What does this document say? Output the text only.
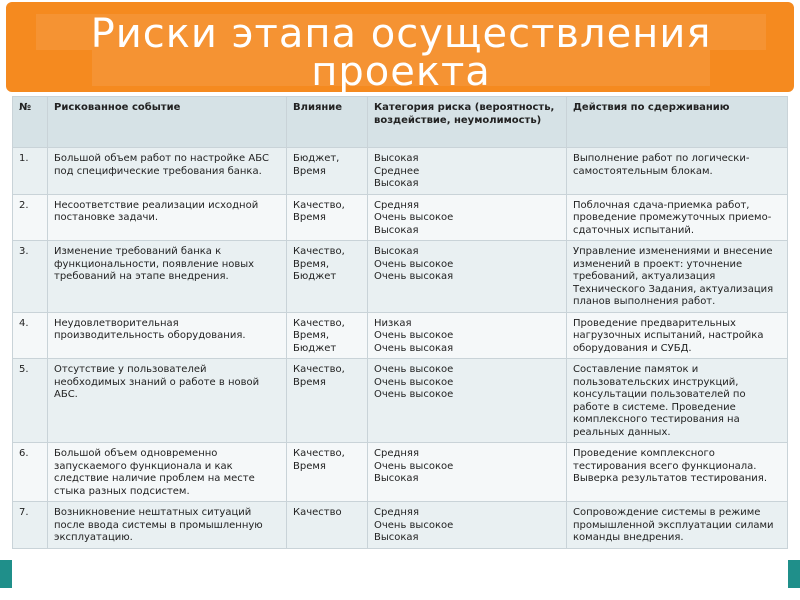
Риски этапа осуществления
проекта
№	Рискованное событие	Влияние	Категория риска (вероятность, воздействие, неумолимость)	Действия по сдерживанию
1.	Большой объем работ по настройке АБС под специфические требования банка.	Бюджет, Время	Высокая
Среднее
Высокая	Выполнение работ по логически-самостоятельным блокам.
2.	Несоответствие реализации исходной постановке задачи.	Качество, Время	Средняя
Очень высокое
Высокая	Поблочная сдача-приемка работ, проведение промежуточных приемо-сдаточных испытаний.
3.	Изменение требований банка к функциональности, появление новых требований на этапе внедрения.	Качество, Время, Бюджет	Высокая
Очень высокое
Очень высокая	Управление изменениями и внесение изменений в проект: уточнение требований, актуализация Технического Задания, актуализация планов выполнения работ.
4.	Неудовлетворительная производительность оборудования.	Качество, Время, Бюджет	Низкая
Очень высокое
Очень высокая	Проведение предварительных нагрузочных испытаний, настройка оборудования и СУБД.
5.	Отсутствие у пользователей необходимых знаний о работе в новой АБС.	Качество, Время	Очень высокое
Очень высокое
Очень высокое	Составление памяток и пользовательских инструкций, консультации пользователей по работе в системе. Проведение комплексного тестирования на реальных данных.
6.	Большой объем одновременно запускаемого функционала и как следствие наличие проблем на месте стыка разных подсистем.	Качество, Время	Средняя
Очень высокое
Высокая	Проведение комплексного тестирования всего функционала. Выверка результатов тестирования.
7.	Возникновение нештатных ситуаций после ввода системы в промышленную эксплуатацию.	Качество	Средняя
Очень высокое
Высокая	Сопровождение системы в режиме промышленной эксплуатации силами команды внедрения.
